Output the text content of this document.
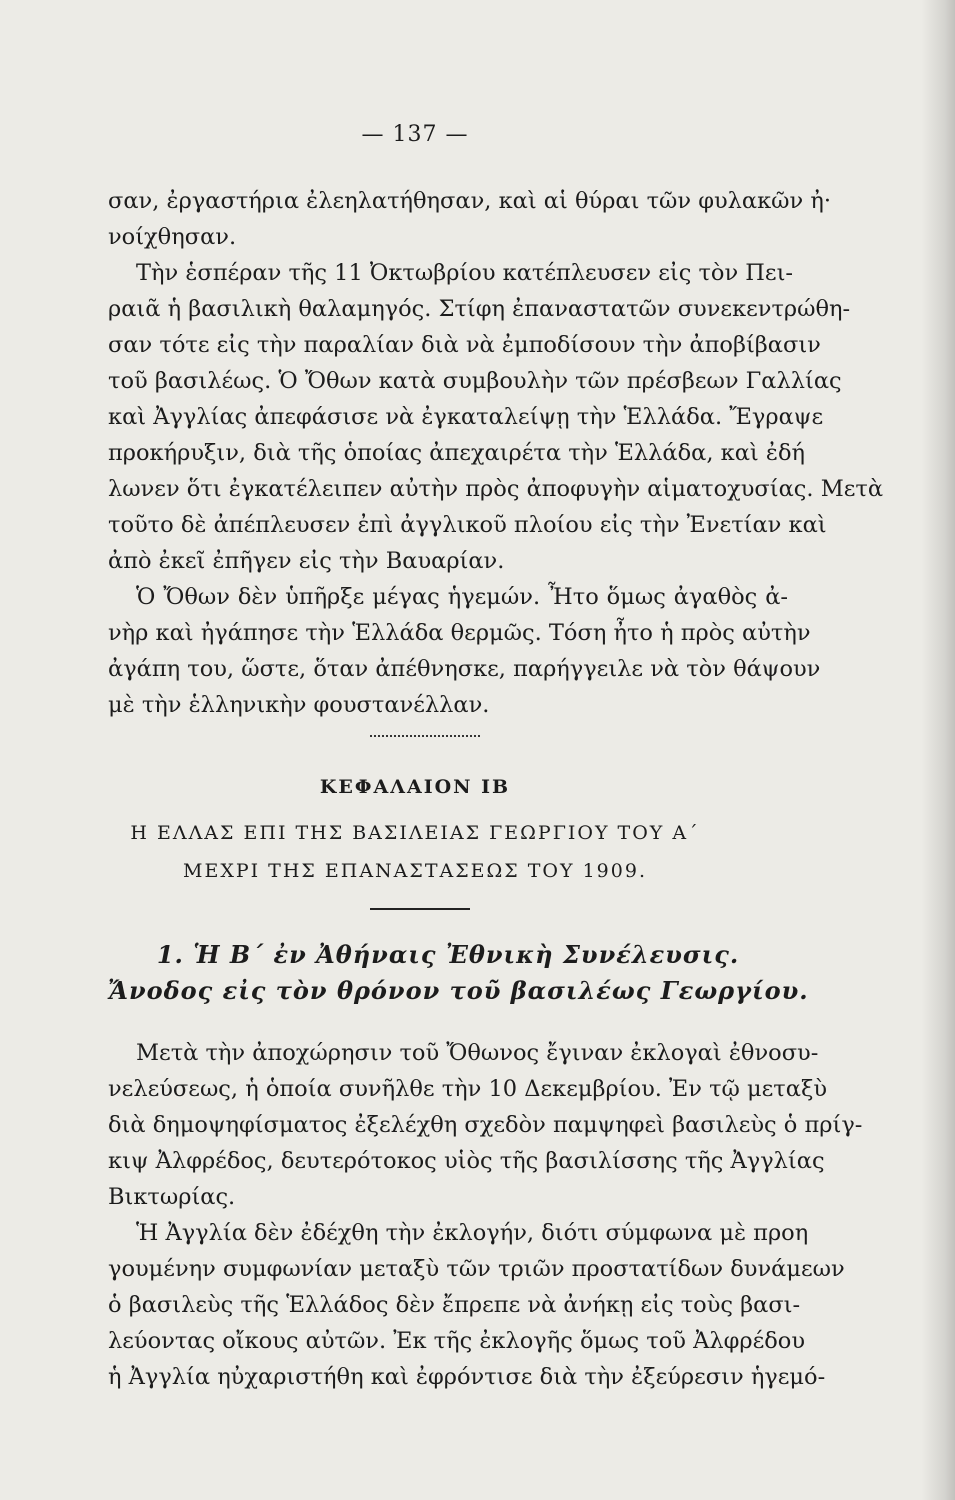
— 137 —
σαν, ἐργαστήρια ἐλεηλατήθησαν, καὶ αἱ θύραι τῶν φυλακῶν ἠ·
νοίχθησαν.
Τὴν ἑσπέραν τῆς 11 Ὀκτωβρίου κατέπλευσεν εἰς τὸν Πει-
ραιᾶ ἡ βασιλικὴ θαλαμηγός. Στίφη ἐπαναστατῶν συνεκεντρώθη-
σαν τότε εἰς τὴν παραλίαν διὰ νὰ ἐμποδίσουν τὴν ἀποβίβασιν
τοῦ βασιλέως. Ὁ Ὄθων κατὰ συμβουλὴν τῶν πρέσβεων Γαλλίας
καὶ Ἀγγλίας ἀπεφάσισε νὰ ἐγκαταλείψῃ τὴν Ἑλλάδα. Ἔγραψε
προκήρυξιν, διὰ τῆς ὁποίας ἀπεχαιρέτα τὴν Ἑλλάδα, καὶ ἐδή
λωνεν ὅτι ἐγκατέλειπεν αὐτὴν πρὸς ἀποφυγὴν αἱματοχυσίας. Μετὰ
τοῦτο δὲ ἀπέπλευσεν ἐπὶ ἀγγλικοῦ πλοίου εἰς τὴν Ἐνετίαν καὶ
ἀπὸ ἐκεῖ ἐπῆγεν εἰς τὴν Βαυαρίαν.
Ὁ Ὄθων δὲν ὑπῆρξε μέγας ἡγεμών. Ἦτο ὅμως ἀγαθὸς ἀ-
νὴρ καὶ ἠγάπησε τὴν Ἑλλάδα θερμῶς. Τόση ἦτο ἡ πρὸς αὐτὴν
ἀγάπη του, ὥστε, ὅταν ἀπέθνησκε, παρήγγειλε νὰ τὸν θάψουν
μὲ τὴν ἑλληνικὴν φουστανέλλαν.
ΚΕΦΑΛΑΙΟΝ ΙΒ
Η ΕΛΛΑΣ ΕΠΙ ΤΗΣ ΒΑΣΙΛΕΙΑΣ ΓΕΩΡΓΙΟΥ ΤΟΥ Α΄
ΜΕΧΡΙ ΤΗΣ ΕΠΑΝΑΣΤΑΣΕΩΣ ΤΟΥ 1909.
1. Ἡ Β΄ ἐν Ἀθήναις Ἐθνικὴ Συνέλευσις.
Ἄνοδος εἰς τὸν θρόνον τοῦ βασιλέως Γεωργίου.
Μετὰ τὴν ἀποχώρησιν τοῦ Ὄθωνος ἔγιναν ἐκλογαὶ ἐθνοσυ-
νελεύσεως, ἡ ὁποία συνῆλθε τὴν 10 Δεκεμβρίου. Ἐν τῷ μεταξὺ
διὰ δημοψηφίσματος ἐξελέχθη σχεδὸν παμψηφεὶ βασιλεὺς ὁ πρίγ-
κιψ Ἀλφρέδος, δευτερότοκος υἱὸς τῆς βασιλίσσης τῆς Ἀγγλίας
Βικτωρίας.
Ἡ Ἀγγλία δὲν ἐδέχθη τὴν ἐκλογήν, διότι σύμφωνα μὲ προη
γουμένην συμφωνίαν μεταξὺ τῶν τριῶν προστατίδων δυνάμεων
ὁ βασιλεὺς τῆς Ἑλλάδος δὲν ἔπρεπε νὰ ἀνήκῃ εἰς τοὺς βασι-
λεύοντας οἴκους αὐτῶν. Ἐκ τῆς ἐκλογῆς ὅμως τοῦ Ἀλφρέδου
ἡ Ἀγγλία ηὐχαριστήθη καὶ ἐφρόντισε διὰ τὴν ἐξεύρεσιν ἡγεμό-
